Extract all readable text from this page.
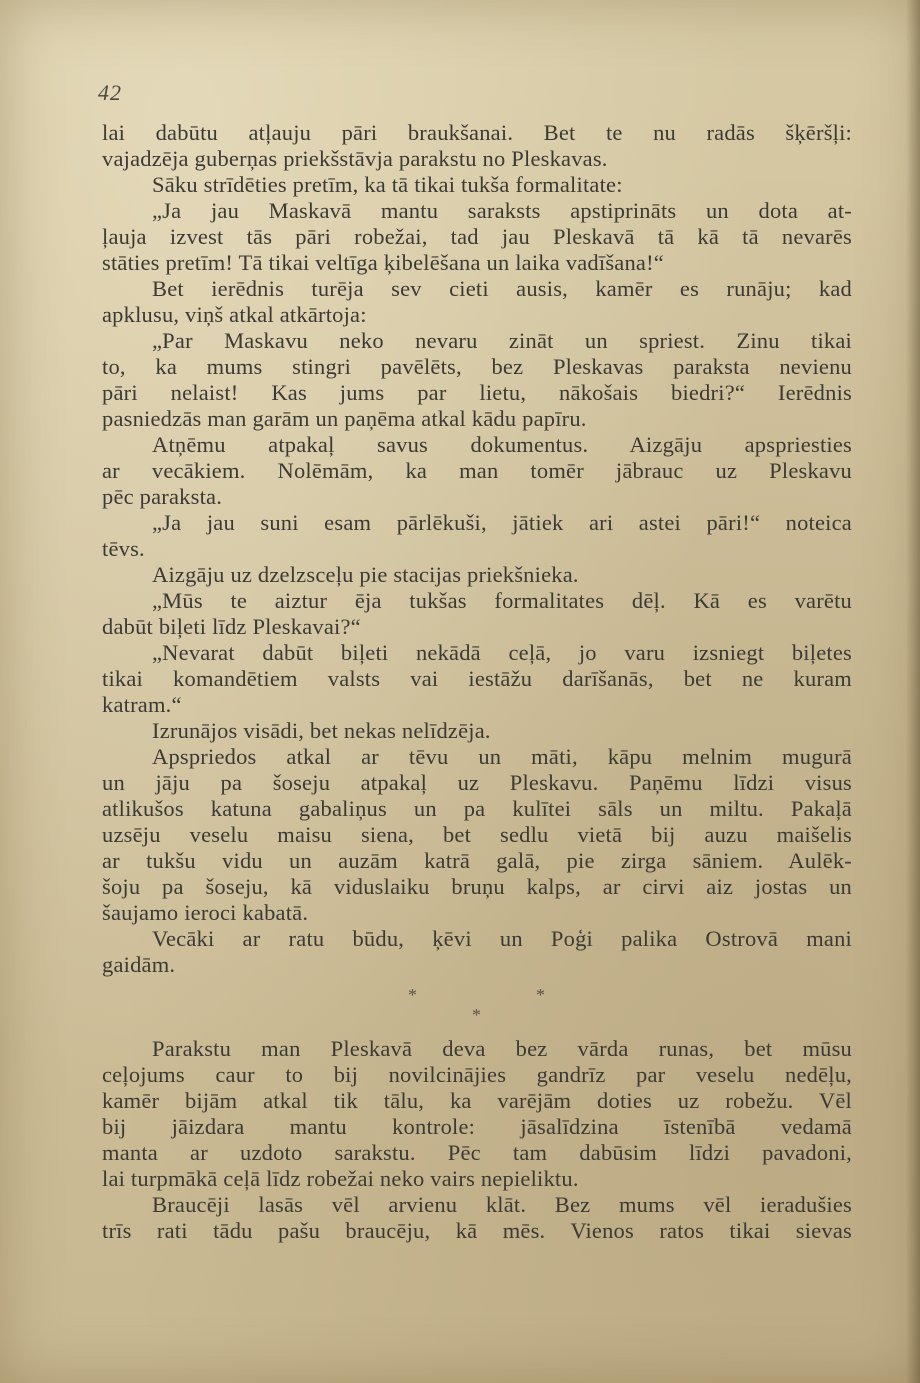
42
lai dabūtu atļauju pāri braukšanai. Bet te nu radās šķēršļi:
vajadzēja guberņas priekšstāvja parakstu no Pleskavas.
Sāku strīdēties pretīm, ka tā tikai tukša formalitate:
„Ja jau Maskavā mantu saraksts apstiprināts un dota at-
ļauja izvest tās pāri robežai, tad jau Pleskavā tā kā tā nevarēs
stāties pretīm! Tā tikai veltīga ķibelēšana un laika vadīšana!“
Bet ierēdnis turēja sev cieti ausis, kamēr es runāju; kad
apklusu, viņš atkal atkārtoja:
„Par Maskavu neko nevaru zināt un spriest. Zinu tikai
to, ka mums stingri pavēlēts, bez Pleskavas paraksta nevienu
pāri nelaist! Kas jums par lietu, nākošais biedri?“ Ierēdnis
pasniedzās man garām un paņēma atkal kādu papīru.
Atņēmu atpakaļ savus dokumentus. Aizgāju apspriesties
ar vecākiem. Nolēmām, ka man tomēr jābrauc uz Pleskavu
pēc paraksta.
„Ja jau suni esam pārlēkuši, jātiek ari astei pāri!“ noteica
tēvs.
Aizgāju uz dzelzsceļu pie stacijas priekšnieka.
„Mūs te aiztur ēja tukšas formalitates dēļ. Kā es varētu
dabūt biļeti līdz Pleskavai?“
„Nevarat dabūt biļeti nekādā ceļā, jo varu izsniegt biļetes
tikai komandētiem valsts vai iestāžu darīšanās, bet ne kuram
katram.“
Izrunājos visādi, bet nekas nelīdzēja.
Apspriedos atkal ar tēvu un māti, kāpu melnim mugurā
un jāju pa šoseju atpakaļ uz Pleskavu. Paņēmu līdzi visus
atlikušos katuna gabaliņus un pa kulītei sāls un miltu. Pakaļā
uzsēju veselu maisu siena, bet sedlu vietā bij auzu maišelis
ar tukšu vidu un auzām katrā galā, pie zirga sāniem. Aulēk-
šoju pa šoseju, kā viduslaiku bruņu kalps, ar cirvi aiz jostas un
šaujamo ieroci kabatā.
Vecāki ar ratu būdu, ķēvi un Poģi palika Ostrovā mani
gaidām.
*	*
*
Parakstu man Pleskavā deva bez vārda runas, bet mūsu
ceļojums caur to bij novilcinājies gandrīz par veselu nedēļu,
kamēr bijām atkal tik tālu, ka varējām doties uz robežu. Vēl
bij jāizdara mantu kontrole: jāsalīdzina īstenībā vedamā
manta ar uzdoto sarakstu. Pēc tam dabūsim līdzi pavadoni,
lai turpmākā ceļā līdz robežai neko vairs nepieliktu.
Braucēji lasās vēl arvienu klāt. Bez mums vēl ieradušies
trīs rati tādu pašu braucēju, kā mēs. Vienos ratos tikai sievas
